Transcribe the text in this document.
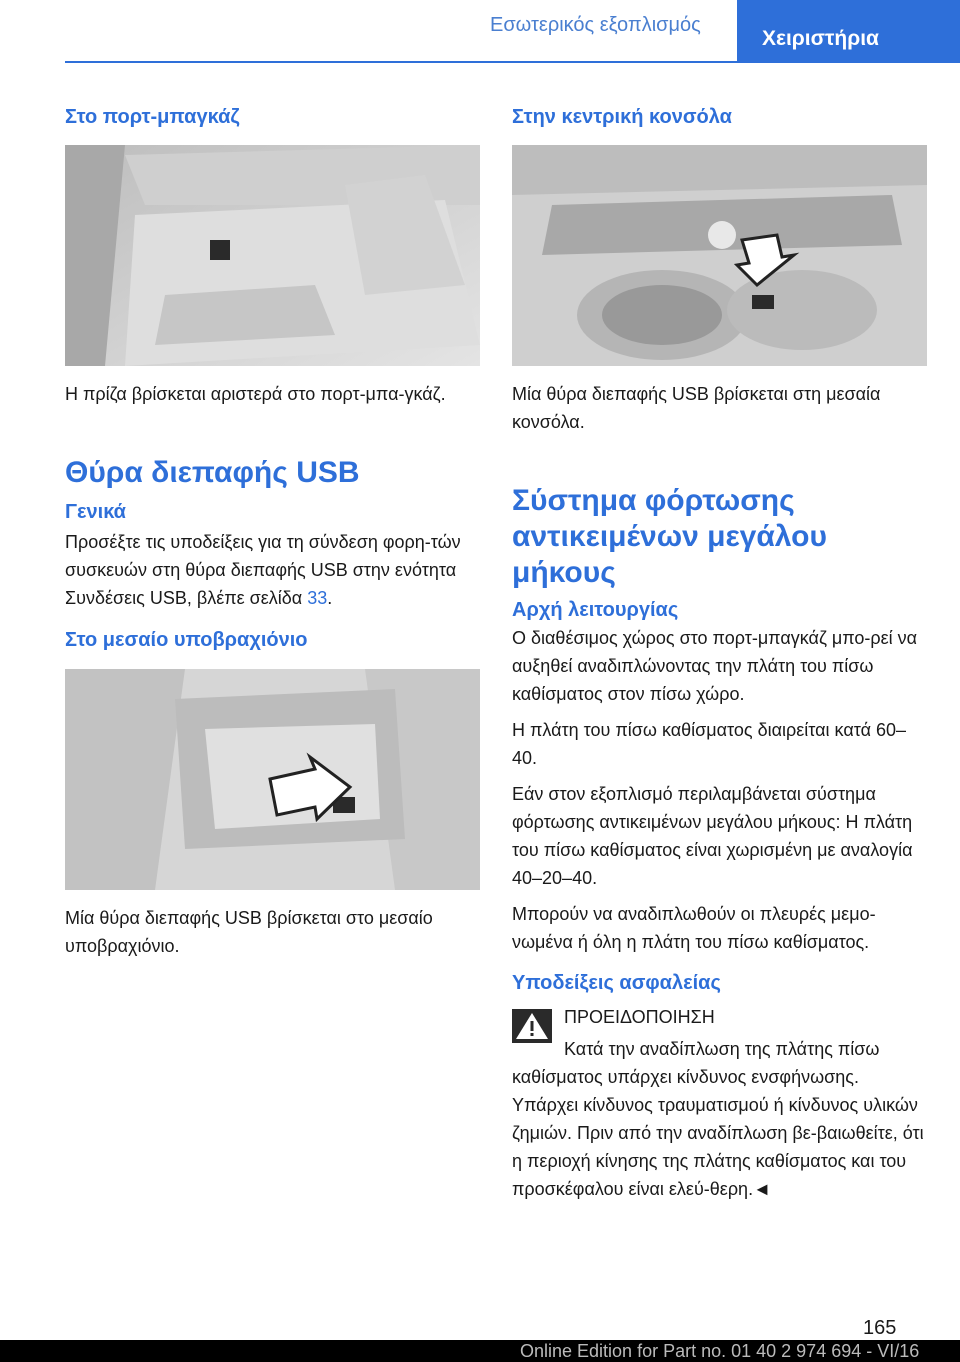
Εσωτερικός εξοπλισμός
Χειριστήρια
Στο πορτ-μπαγκάζ
Η πρίζα βρίσκεται αριστερά στο πορτ-μπα-γκάζ.
Θύρα διεπαφής USB
Γενικά
Προσέξτε τις υποδείξεις για τη σύνδεση φορη-τών συσκευών στη θύρα διεπαφής USB στην ενότητα Συνδέσεις USB, βλέπε σελίδα 33.
Στο μεσαίο υποβραχιόνιο
Μία θύρα διεπαφής USB βρίσκεται στο μεσαίο υποβραχιόνιο.
Στην κεντρική κονσόλα
Μία θύρα διεπαφής USB βρίσκεται στη μεσαία κονσόλα.
Σύστημα φόρτωσης αντικειμένων μεγάλου μήκους
Αρχή λειτουργίας
Ο διαθέσιμος χώρος στο πορτ-μπαγκάζ μπο-ρεί να αυξηθεί αναδιπλώνοντας την πλάτη του πίσω καθίσματος στον πίσω χώρο.
Η πλάτη του πίσω καθίσματος διαιρείται κατά 60–40.
Εάν στον εξοπλισμό περιλαμβάνεται σύστημα φόρτωσης αντικειμένων μεγάλου μήκους: Η πλάτη του πίσω καθίσματος είναι χωρισμένη με αναλογία 40–20–40.
Μπορούν να αναδιπλωθούν οι πλευρές μεμο-νωμένα ή όλη η πλάτη του πίσω καθίσματος.
Υποδείξεις ασφαλείας
ΠΡΟΕΙΔΟΠΟΙΗΣΗ
Κατά την αναδίπλωση της πλάτης πίσω
καθίσματος υπάρχει κίνδυνος ενσφήνωσης. Υπάρχει κίνδυνος τραυματισμού ή κίνδυνος υλικών ζημιών. Πριν από την αναδίπλωση βε-βαιωθείτε, ότι η περιοχή κίνησης της πλάτης καθίσματος και του προσκέφαλου είναι ελεύ-θερη.◄
165
Online Edition for Part no. 01 40 2 974 694 - VI/16
